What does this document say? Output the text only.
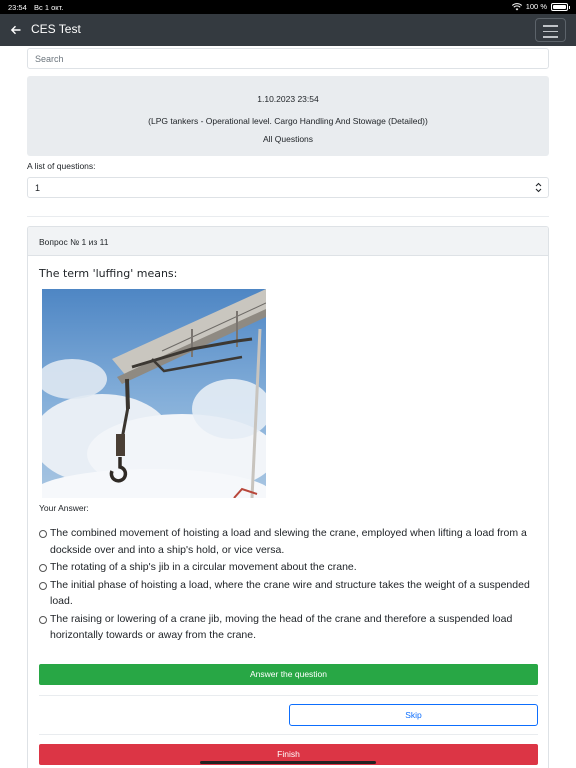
23:54 Вс 1 окт.	100 %
CES Test
Search
1.10.2023 23:54
(LPG tankers - Operational level. Cargo Handling And Stowage (Detailed))
All Questions
A list of questions:
1
Вопрос № 1 из 11
The term 'luffing' means:
Your Answer:
The combined movement of hoisting a load and slewing the crane, employed when lifting a load from a dockside over and into a ship's hold, or vice versa.
The rotating of a ship's jib in a circular movement about the crane.
The initial phase of hoisting a load, where the crane wire and structure takes the weight of a suspended load.
The raising or lowering of a crane jib, moving the head of the crane and therefore a suspended load horizontally towards or away from the crane.
Answer the question
Skip
Finish
